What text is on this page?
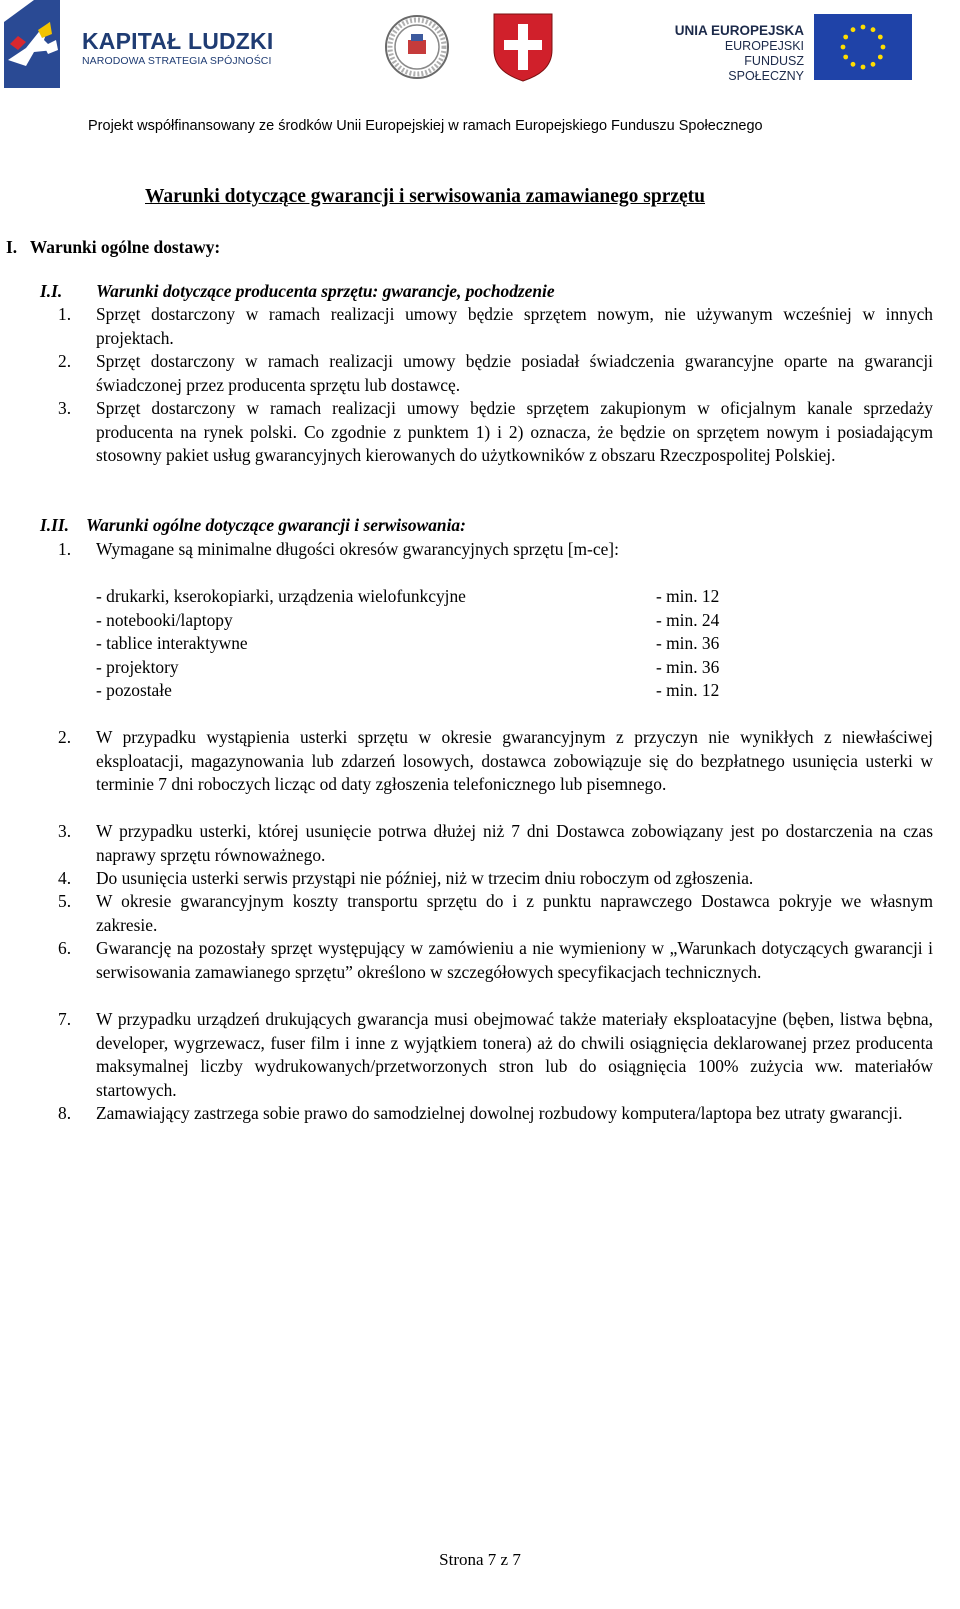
KAPITAŁ LUDZKI
NARODOWA STRATEGIA SPÓJNOŚCI
UNIA EUROPEJSKA
EUROPEJSKI
FUNDUSZ SPOŁECZNY
Projekt współfinansowany ze środków Unii Europejskiej w ramach Europejskiego Funduszu Społecznego
Warunki dotyczące gwarancji i serwisowania zamawianego sprzętu
I.   Warunki ogólne dostawy:
I.I. Warunki dotyczące producenta sprzętu: gwarancje, pochodzenie
1. Sprzęt dostarczony w ramach realizacji umowy będzie sprzętem nowym, nie używanym wcześniej w innych projektach.
2. Sprzęt dostarczony w ramach realizacji umowy będzie posiadał świadczenia gwarancyjne oparte na gwarancji świadczonej przez producenta sprzętu lub dostawcę.
3. Sprzęt dostarczony w ramach realizacji umowy będzie sprzętem zakupionym w oficjalnym kanale sprzedaży producenta na rynek polski. Co zgodnie z punktem 1) i 2) oznacza, że będzie on sprzętem nowym i posiadającym stosowny pakiet usług gwarancyjnych kierowanych do użytkowników z obszaru Rzeczpospolitej Polskiej.
I.II. Warunki ogólne dotyczące gwarancji i serwisowania:
1. Wymagane są minimalne długości okresów gwarancyjnych sprzętu [m-ce]:
- drukarki, kserokopiarki, urządzenia wielofunkcyjne	- min. 12
- notebooki/laptopy	- min. 24
- tablice interaktywne	- min. 36
- projektory	- min. 36
- pozostałe	- min. 12
2. W przypadku wystąpienia usterki sprzętu w okresie gwarancyjnym z przyczyn nie wynikłych z niewłaściwej eksploatacji, magazynowania lub zdarzeń losowych, dostawca zobowiązuje się do bezpłatnego usunięcia usterki w terminie 7 dni roboczych licząc od daty zgłoszenia telefonicznego lub pisemnego.
3. W przypadku usterki, której usunięcie potrwa dłużej niż 7 dni Dostawca zobowiązany jest po dostarczenia na czas naprawy sprzętu równoważnego.
4. Do usunięcia usterki serwis przystąpi nie później, niż w trzecim dniu roboczym od zgłoszenia.
5. W okresie gwarancyjnym koszty transportu sprzętu do i z punktu naprawczego Dostawca pokryje we własnym zakresie.
6. Gwarancję na pozostały sprzęt występujący w zamówieniu a nie wymieniony w „Warunkach dotyczących gwarancji i serwisowania zamawianego sprzętu” określono w szczegółowych specyfikacjach technicznych.
7. W przypadku urządzeń drukujących gwarancja musi obejmować także materiały eksploatacyjne (bęben, listwa bębna, developer, wygrzewacz, fuser film i inne z wyjątkiem tonera) aż do chwili osiągnięcia deklarowanej przez producenta maksymalnej liczby wydrukowanych/przetworzonych stron lub do osiągnięcia 100% zużycia ww. materiałów startowych.
8. Zamawiający zastrzega sobie prawo do samodzielnej dowolnej rozbudowy komputera/laptopa bez utraty gwarancji.
Strona 7 z 7
